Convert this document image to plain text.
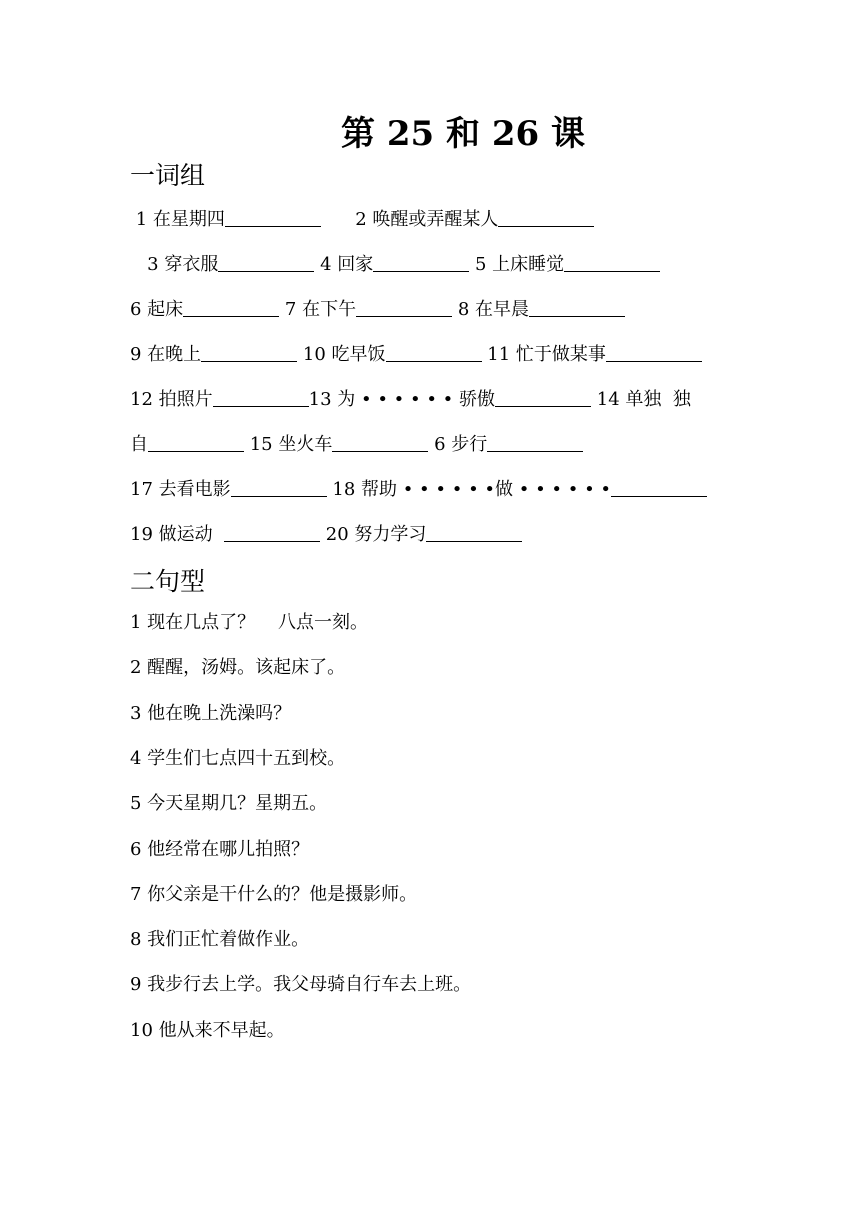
第 25 和 26 课
一词组
1 在星期四	2 唤醒或弄醒某人
3 穿衣服	4 回家	5 上床睡觉
6 起床	7 在下午	8 在早晨
9 在晚上	10 吃早饭	11 忙于做某事
12 拍照片	13 为 • • • • • • 骄傲	14 单独  独
自	15 坐火车	6 步行
17 去看电影	18 帮助 • • • • • •做 • • • • • •
19 做运动	20 努力学习
二句型
1 现在几点了？    八点一刻。
2 醒醒，汤姆。该起床了。
3 他在晚上洗澡吗？
4 学生们七点四十五到校。
5 今天星期几？星期五。
6 他经常在哪儿拍照？
7 你父亲是干什么的？他是摄影师。
8 我们正忙着做作业。
9 我步行去上学。我父母骑自行车去上班。
10 他从来不早起。
